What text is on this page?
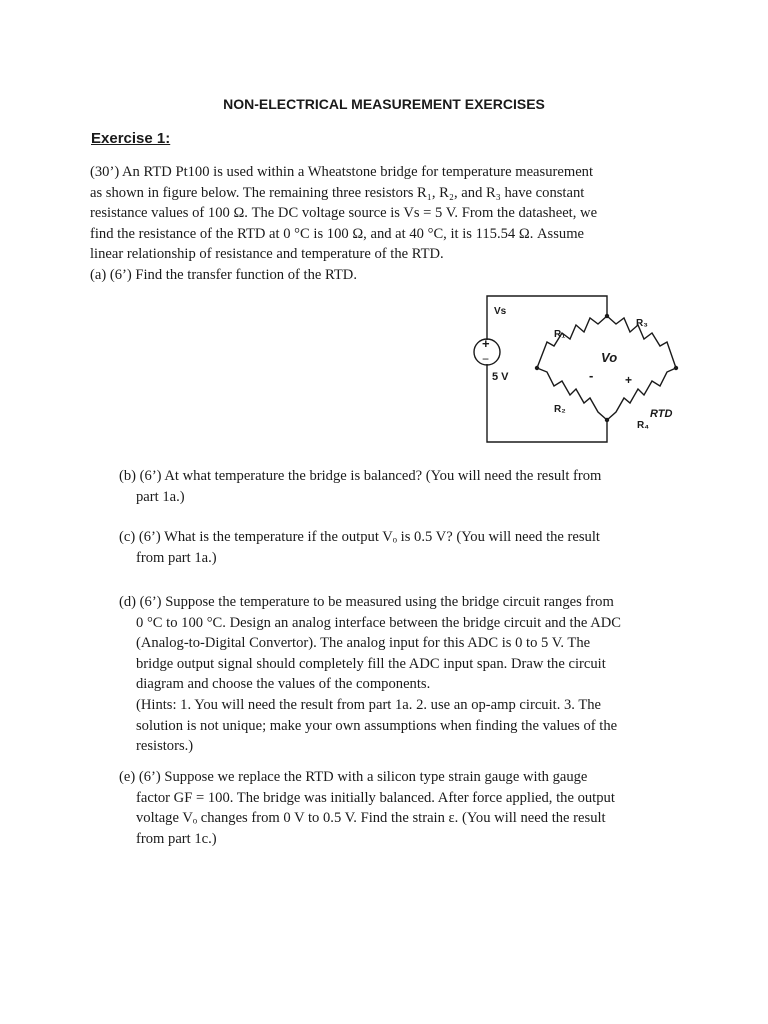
NON-ELECTRICAL MEASUREMENT EXERCISES
Exercise 1:
(30’) An RTD Pt100 is used within a Wheatstone bridge for temperature measurement
as shown in figure below. The remaining three resistors R₁, R₂, and R₃ have constant
resistance values of 100 Ω. The DC voltage source is Vs = 5 V. From the datasheet, we
find the resistance of the RTD at 0 °C is 100 Ω, and at 40 °C, it is 115.54 Ω. Assume
linear relationship of resistance and temperature of the RTD.
(a) (6’) Find the transfer function of the RTD.
+
−
Vs
5 V
R₁
R₃
R₂
R₄
RTD
Vo
-	+
(b) (6’) At what temperature the bridge is balanced? (You will need the result from
part 1a.)
(c) (6’) What is the temperature if the output Vₒ is 0.5 V? (You will need the result
from part 1a.)
(d) (6’) Suppose the temperature to be measured using the bridge circuit ranges from
0 °C to 100 °C. Design an analog interface between the bridge circuit and the ADC
(Analog-to-Digital Convertor). The analog input for this ADC is 0 to 5 V. The
bridge output signal should completely fill the ADC input span. Draw the circuit
diagram and choose the values of the components.
(Hints: 1. You will need the result from part 1a. 2. use an op-amp circuit. 3. The
solution is not unique; make your own assumptions when finding the values of the
resistors.)
(e) (6’) Suppose we replace the RTD with a silicon type strain gauge with gauge
factor GF = 100. The bridge was initially balanced. After force applied, the output
voltage Vₒ changes from 0 V to 0.5 V. Find the strain ε. (You will need the result
from part 1c.)
